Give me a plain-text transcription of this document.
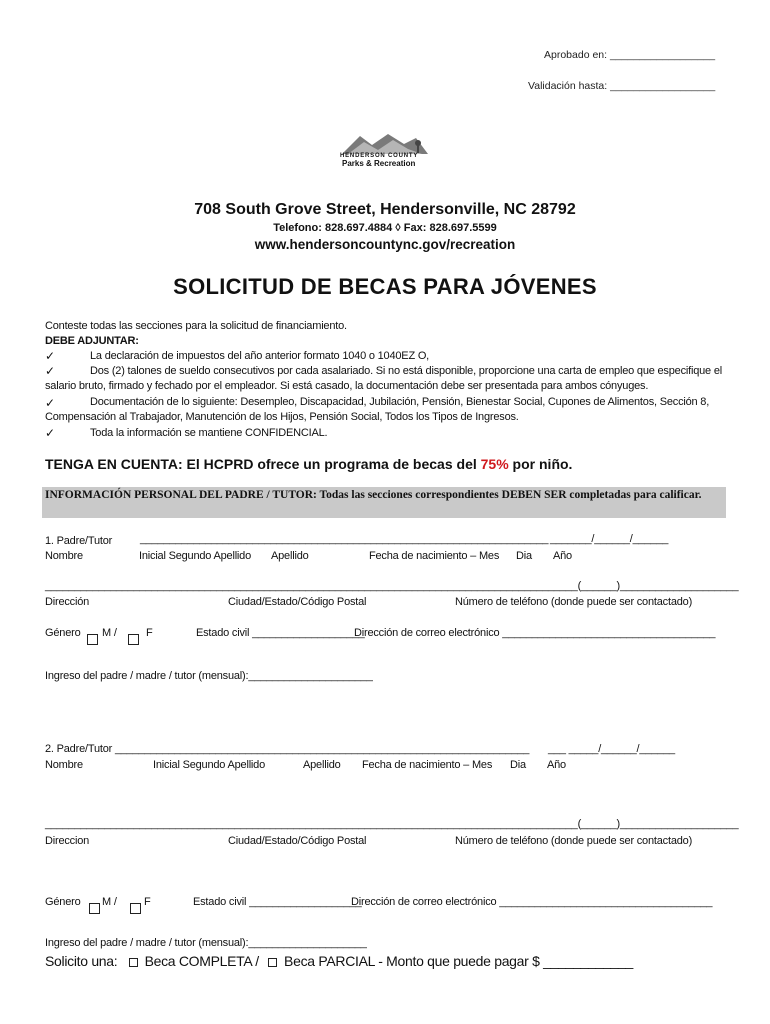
Aprobado en: __________________
Validación hasta: __________________
HENDERSON COUNTY
Parks & Recreation
708 South Grove Street, Hendersonville, NC 28792
Telefono: 828.697.4884 ◊ Fax: 828.697.5599
www.hendersoncountync.gov/recreation
SOLICITUD DE BECAS PARA JÓVENES
Conteste todas las secciones para la solicitud de financiamiento.
DEBE ADJUNTAR:
✓	La declaración de impuestos del año anterior formato 1040 o 1040EZ O,
✓	Dos (2) talones de sueldo consecutivos por cada asalariado. Si no está disponible, proporcione una carta de empleo que especifique el
salario bruto, firmado y fechado por el empleador. Si está casado, la documentación debe ser presentada para ambos cónyuges.
✓	Documentación de lo siguiente: Desempleo, Discapacidad, Jubilación, Pensión, Bienestar Social, Cupones de Alimentos, Sección 8,
Compensación al Trabajador, Manutención de los Hijos, Pensión Social, Todos los Tipos de Ingresos.
✓	Toda la información se mantiene CONFIDENCIAL.
TENGA EN CUENTA: El HCPRD ofrece un programa de becas del 75% por niño.
INFORMACIÓN PERSONAL DEL PADRE / TUTOR: Todas las secciones correspondientes DEBEN SER completadas para calificar.
1. Padre/Tutor	_____________________________________________________________________ _______/______/______
Nombre	Inicial Segundo Apellido Apellido	Fecha de nacimiento – Mes Dia Año
__________________________________________________________________________________________(______)____________________
Dirección	Ciudad/Estado/Código Postal	Número de teléfono (donde puede ser contactado)
Género M /	F	Estado civil ___________________
Dirección de correo electrónico ____________________________________
Ingreso del padre / madre / tutor (mensual):_____________________
2. Padre/Tutor ______________________________________________________________________ ___ _____/______/______
Nombre	Inicial Segundo Apellido	Apellido Fecha de nacimiento – Mes Dia Año
__________________________________________________________________________________________(______)____________________
Direccion	Ciudad/Estado/Código Postal	Número de teléfono (donde puede ser contactado)
Género M / F	Estado civil ___________________
Dirección de correo electrónico ____________________________________
Ingreso del padre / madre / tutor (mensual):____________________
Solicito una: Beca COMPLETA / Beca PARCIAL - Monto que puede pagar $ ____________
